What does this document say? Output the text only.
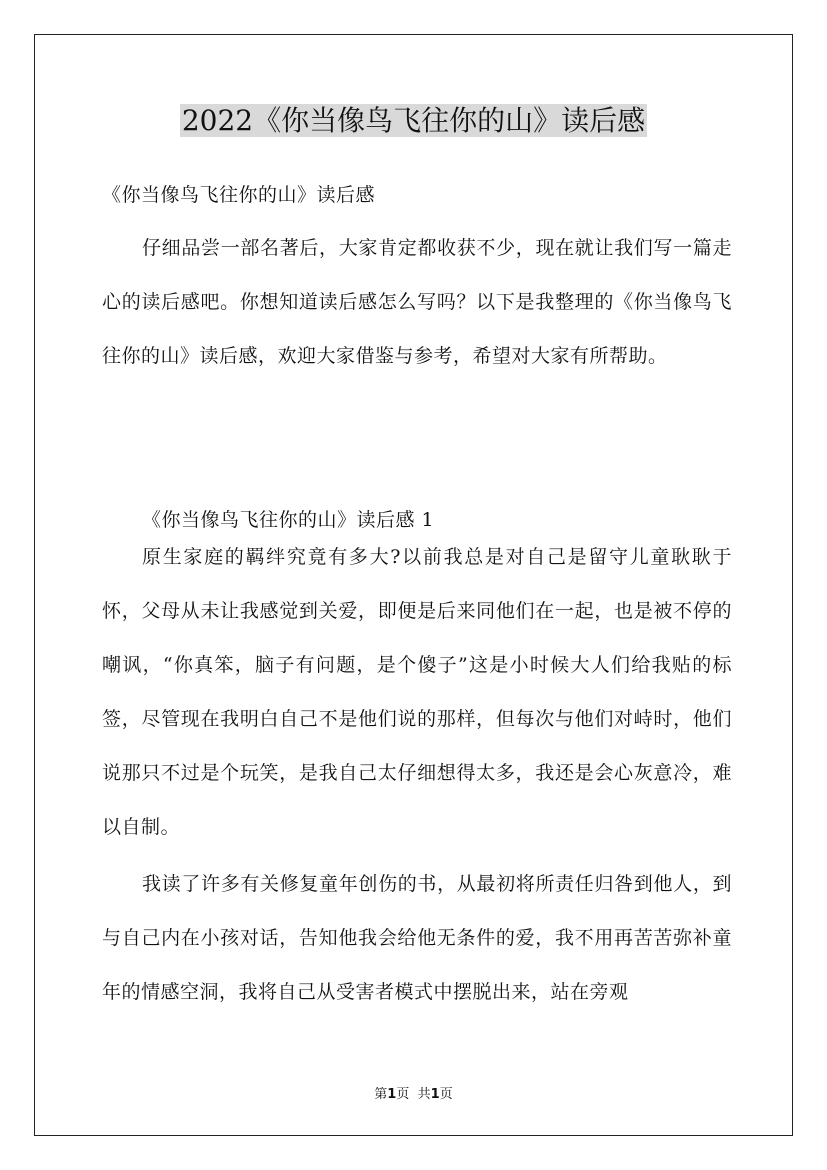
2022《你当像鸟飞往你的山》读后感
《你当像鸟飞往你的山》读后感

仔细品尝一部名著后，大家肯定都收获不少，现在就让我们写一篇走心的读后感吧。你想知道读后感怎么写吗？以下是我整理的《你当像鸟飞往你的山》读后感，欢迎大家借鉴与参考，希望对大家有所帮助。

《你当像鸟飞往你的山》读后感 1

原生家庭的羁绊究竟有多大?以前我总是对自己是留守儿童耿耿于怀，父母从未让我感觉到关爱，即便是后来同他们在一起，也是被不停的嘲讽，“你真笨，脑子有问题，是个傻子”这是小时候大人们给我贴的标签，尽管现在我明白自己不是他们说的那样，但每次与他们对峙时，他们说那只不过是个玩笑，是我自己太仔细想得太多，我还是会心灰意冷，难以自制。

我读了许多有关修复童年创伤的书，从最初将所责任归咎到他人，到与自己内在小孩对话，告知他我会给他无条件的爱，我不用再苦苦弥补童年的情感空洞，我将自己从受害者模式中摆脱出来，站在旁观

第1页 共1页
